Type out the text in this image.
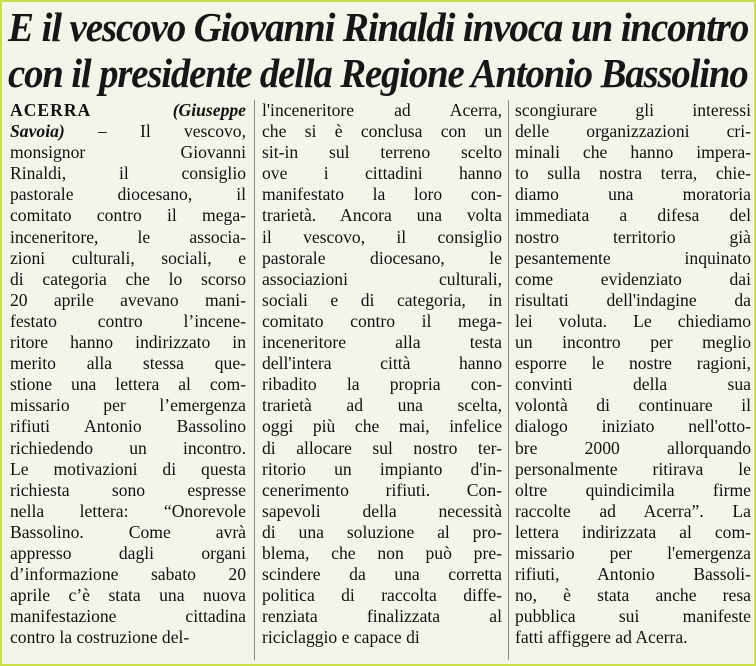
E il vescovo Giovanni Rinaldi invoca un incontro
con il presidente della Regione Antonio Bassolino
ACERRA (Giuseppe
Savoia) – Il vescovo,
monsignor Giovanni
Rinaldi, il consiglio
pastorale diocesano, il
comitato contro il mega-
inceneritore, le associa-
zioni culturali, sociali, e
di categoria che lo scorso
20 aprile avevano mani-
festato contro l’incene-
ritore hanno indirizzato in
merito alla stessa que-
stione una lettera al com-
missario per l’emergenza
rifiuti Antonio Bassolino
richiedendo un incontro.
Le motivazioni di questa
richiesta sono espresse
nella lettera: “Onorevole
Bassolino. Come avrà
appresso dagli organi
d’informazione sabato 20
aprile c’è stata una nuova
manifestazione cittadina
contro la costruzione del-
l'inceneritore ad Acerra,
che si è conclusa con un
sit-in sul terreno scelto
ove i cittadini hanno
manifestato la loro con-
trarietà. Ancora una volta
il vescovo, il consiglio
pastorale diocesano, le
associazioni culturali,
sociali e di categoria, in
comitato contro il mega-
inceneritore alla testa
dell'intera città hanno
ribadito la propria con-
trarietà ad una scelta,
oggi più che mai, infelice
di allocare sul nostro ter-
ritorio un impianto d'in-
cenerimento rifiuti. Con-
sapevoli della necessità
di una soluzione al pro-
blema, che non può pre-
scindere da una corretta
politica di raccolta diffe-
renziata finalizzata al
riciclaggio e capace di
scongiurare gli interessi
delle organizzazioni cri-
minali che hanno impera-
to sulla nostra terra, chie-
diamo una moratoria
immediata a difesa del
nostro territorio già
pesantemente inquinato
come evidenziato dai
risultati dell'indagine da
lei voluta. Le chiediamo
un incontro per meglio
esporre le nostre ragioni,
convinti della sua
volontà di continuare il
dialogo iniziato nell'otto-
bre 2000 allorquando
personalmente ritirava le
oltre quindicimila firme
raccolte ad Acerra”. La
lettera indirizzata al com-
missario per l'emergenza
rifiuti, Antonio Bassoli-
no, è stata anche resa
pubblica sui manifeste
fatti affiggere ad Acerra.
